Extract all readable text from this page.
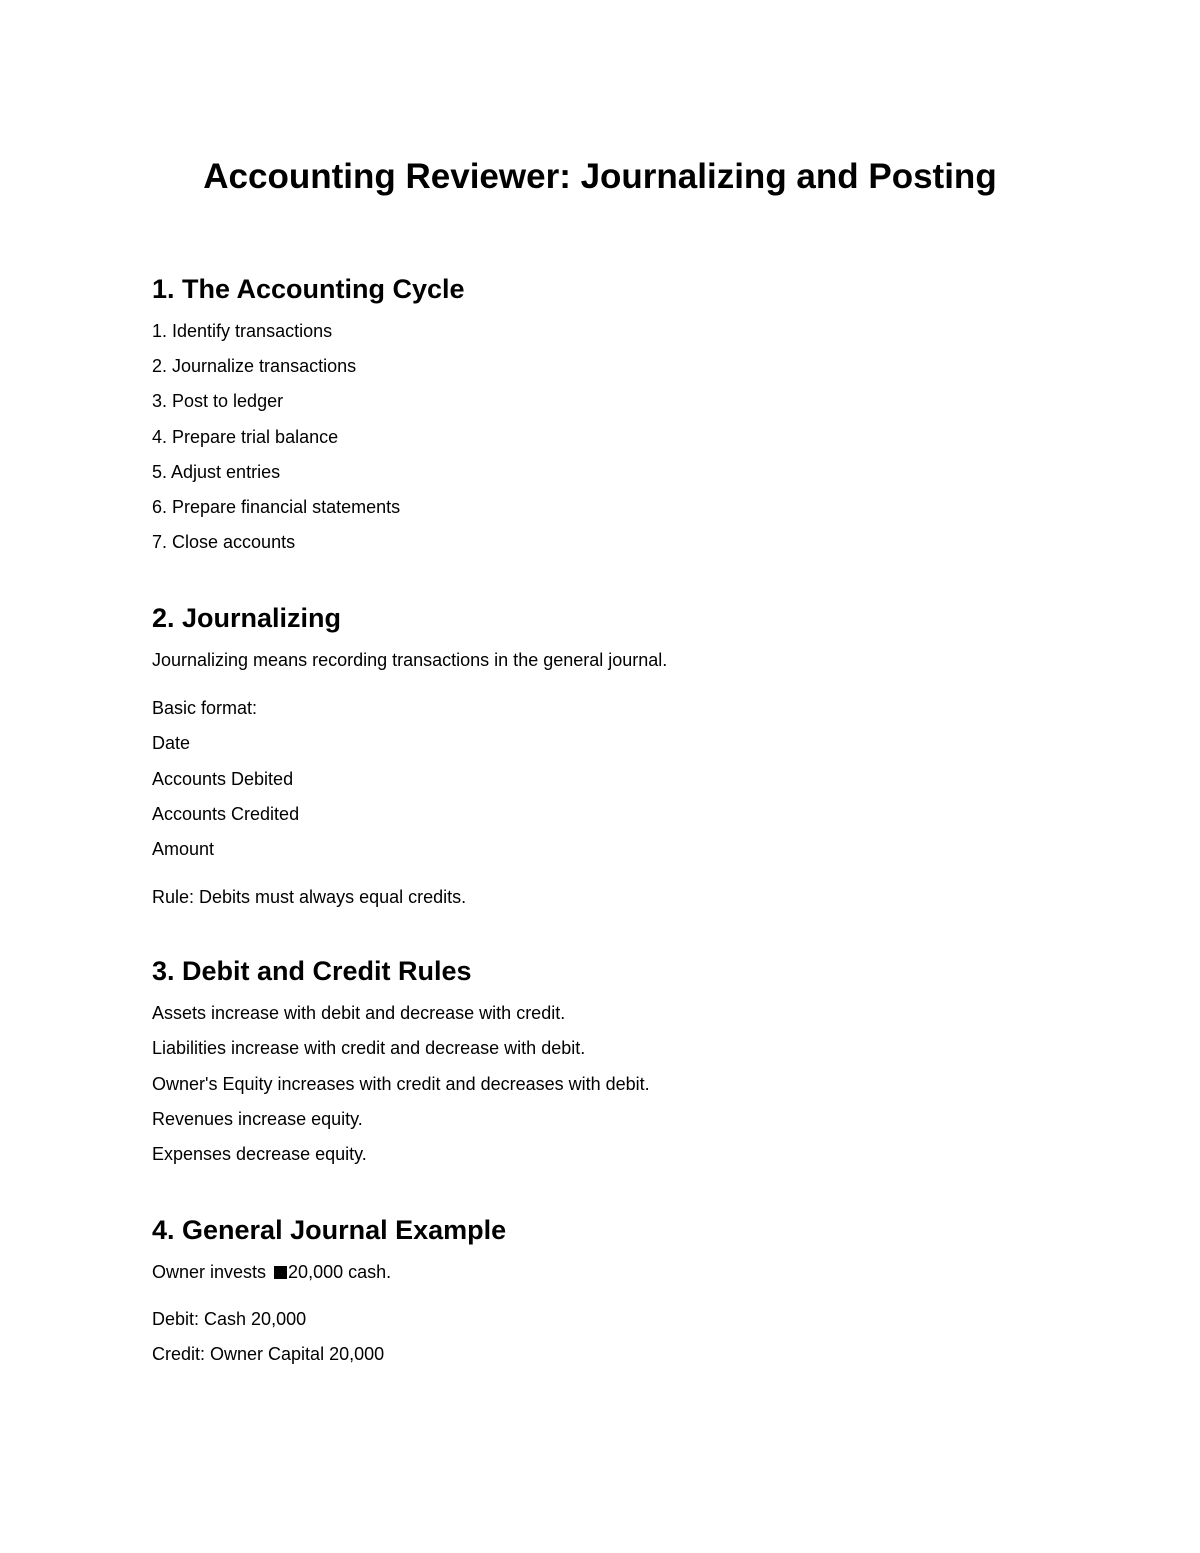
Accounting Reviewer: Journalizing and Posting
1. The Accounting Cycle
1. Identify transactions
2. Journalize transactions
3. Post to ledger
4. Prepare trial balance
5. Adjust entries
6. Prepare financial statements
7. Close accounts
2. Journalizing
Journalizing means recording transactions in the general journal.
Basic format:
Date
Accounts Debited
Accounts Credited
Amount
Rule: Debits must always equal credits.
3. Debit and Credit Rules
Assets increase with debit and decrease with credit.
Liabilities increase with credit and decrease with debit.
Owner's Equity increases with credit and decreases with debit.
Revenues increase equity.
Expenses decrease equity.
4. General Journal Example
Owner invests 20,000 cash.
Debit: Cash 20,000
Credit: Owner Capital 20,000
